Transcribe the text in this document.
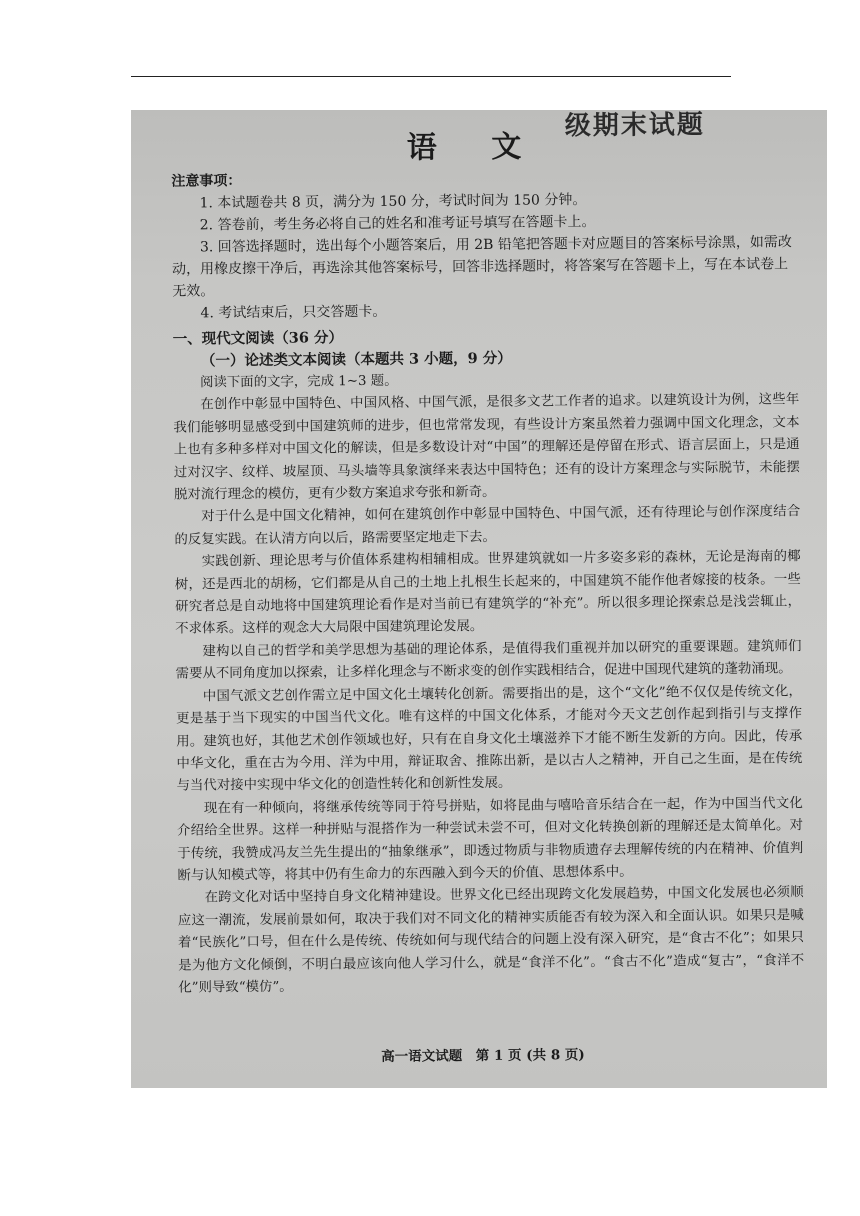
级期末试题
语 文

注意事项：

1. 本试题卷共 8 页，满分为 150 分，考试时间为 150 分钟。

2. 答卷前，考生务必将自己的姓名和准考证号填写在答题卡上。

3. 回答选择题时，选出每个小题答案后，用 2B 铅笔把答题卡对应题目的答案标号涂黑，如需改动，用橡皮擦干净后，再选涂其他答案标号，回答非选择题时，将答案写在答题卡上，写在本试卷上无效。

4. 考试结束后，只交答题卡。

一、现代文阅读（36 分）
（一）论述类文本阅读（本题共 3 小题，9 分）

阅读下面的文字，完成 1~3 题。

在创作中彰显中国特色、中国风格、中国气派，是很多文艺工作者的追求。以建筑设计为例，这些年我们能够明显感受到中国建筑师的进步，但也常常发现，有些设计方案虽然着力强调中国文化理念，文本上也有多种多样对中国文化的解读，但是多数设计对“中国”的理解还是停留在形式、语言层面上，只是通过对汉字、纹样、坡屋顶、马头墙等具象演绎来表达中国特色；还有的设计方案理念与实际脱节，未能摆脱对流行理念的模仿，更有少数方案追求夸张和新奇。

对于什么是中国文化精神，如何在建筑创作中彰显中国特色、中国气派，还有待理论与创作深度结合的反复实践。在认清方向以后，路需要坚定地走下去。

实践创新、理论思考与价值体系建构相辅相成。世界建筑就如一片多姿多彩的森林，无论是海南的椰树，还是西北的胡杨，它们都是从自己的土地上扎根生长起来的，中国建筑不能作他者嫁接的枝条。一些研究者总是自动地将中国建筑理论看作是对当前已有建筑学的“补充”。所以很多理论探索总是浅尝辄止，不求体系。这样的观念大大局限中国建筑理论发展。

建构以自己的哲学和美学思想为基础的理论体系，是值得我们重视并加以研究的重要课题。建筑师们需要从不同角度加以探索，让多样化理念与不断求变的创作实践相结合，促进中国现代建筑的蓬勃涌现。

中国气派文艺创作需立足中国文化土壤转化创新。需要指出的是，这个“文化”绝不仅仅是传统文化，更是基于当下现实的中国当代文化。唯有这样的中国文化体系，才能对今天文艺创作起到指引与支撑作用。建筑也好，其他艺术创作领域也好，只有在自身文化土壤滋养下才能不断生发新的方向。因此，传承中华文化，重在古为今用、洋为中用，辩证取舍、推陈出新，是以古人之精神，开自己之生面，是在传统与当代对接中实现中华文化的创造性转化和创新性发展。

现在有一种倾向，将继承传统等同于符号拼贴，如将昆曲与嘻哈音乐结合在一起，作为中国当代文化介绍给全世界。这样一种拼贴与混搭作为一种尝试未尝不可，但对文化转换创新的理解还是太简单化。对于传统，我赞成冯友兰先生提出的“抽象继承”，即透过物质与非物质遗存去理解传统的内在精神、价值判断与认知模式等，将其中仍有生命力的东西融入到今天的价值、思想体系中。

在跨文化对话中坚持自身文化精神建设。世界文化已经出现跨文化发展趋势，中国文化发展也必须顺应这一潮流，发展前景如何，取决于我们对不同文化的精神实质能否有较为深入和全面认识。如果只是喊着“民族化”口号，但在什么是传统、传统如何与现代结合的问题上没有深入研究，是“食古不化”；如果只是为他方文化倾倒，不明白最应该向他人学习什么，就是“食洋不化”。“食古不化”造成“复古”，“食洋不化”则导致“模仿”。

高一语文试题　第 1 页 (共 8 页)
